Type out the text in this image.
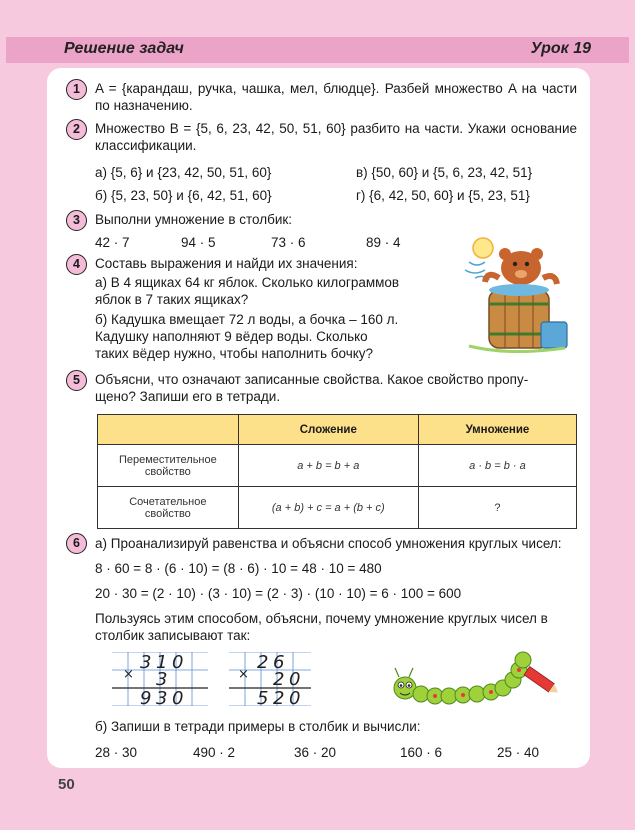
Решение задач	Урок 19
1	A = {карандаш, ручка, чашка, мел, блюдце}. Разбей множество A на части по назначению.
2	Множество B = {5, 6, 23, 42, 50, 51, 60} разбито на части. Укажи основание классификации.
а) {5, 6} и {23, 42, 50, 51, 60}
б) {5, 23, 50} и {6, 42, 51, 60}
в) {50, 60} и {5, 6, 23, 42, 51}
г) {6, 42, 50, 60} и {5, 23, 51}
3	Выполни умножение в столбик:
42 · 7	94 · 5	73 · 6	89 · 4
4	Составь выражения и найди их значения:
а) В 4 ящиках 64 кг яблок. Сколько килограммов
яблок в 7 таких ящиках?
б) Кадушка вмещает 72 л воды, а бочка – 160 л.
Кадушку наполняют 9 вёдер воды. Сколько
таких вёдер нужно, чтобы наполнить бочку?
5	Объясни, что означают записанные свойства. Какое свойство пропу-
щено? Запиши его в тетради.
	Сложение	Умножение
Переместительное
свойство	a + b = b + a	a · b = b · a
Сочетательное
свойство	(a + b) + c = a + (b + c)	?
6	а) Проанализируй равенства и объясни способ умножения круглых чисел:
8 · 60 = 8 · (6 · 10) = (8 · 6) · 10 = 48 · 10 = 480
20 · 30 = (2 · 10) · (3 · 10) = (2 · 3) · (10 · 10) = 6 · 100 = 600
Пользуясь этим способом, объясни, почему умножение круглых чисел в
столбик записывают так:
×
3 1 0
3
9 3 0
×
2 6
2 0
5 2 0
б) Запиши в тетради примеры в столбик и вычисли:
28 · 30	490 · 2	36 · 20	160 · 6	25 · 40
50
